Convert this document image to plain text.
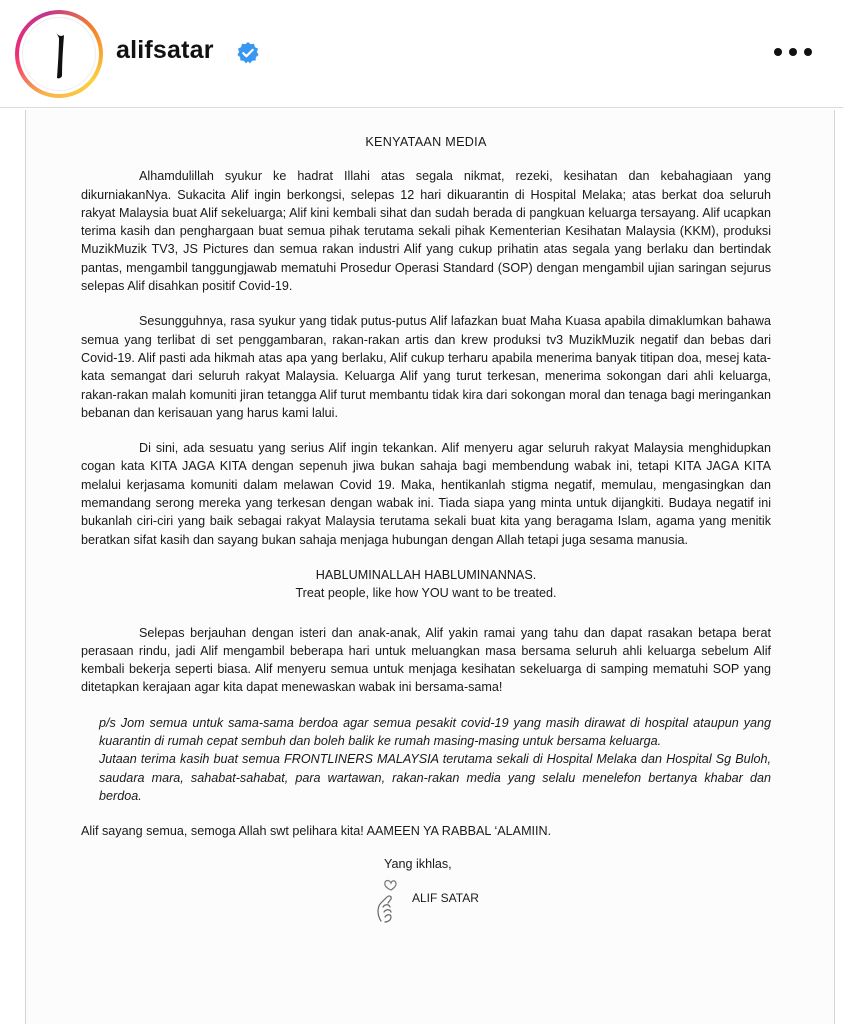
alifsatar
KENYATAAN MEDIA

Alhamdulillah syukur ke hadrat Illahi atas segala nikmat, rezeki, kesihatan dan kebahagiaan yang dikurniakanNya. Sukacita Alif ingin berkongsi, selepas 12 hari dikuarantin di Hospital Melaka; atas berkat doa seluruh rakyat Malaysia buat Alif sekeluarga; Alif kini kembali sihat dan sudah berada di pangkuan keluarga tersayang. Alif ucapkan terima kasih dan penghargaan buat semua pihak terutama sekali pihak Kementerian Kesihatan Malaysia (KKM), produksi MuzikMuzik TV3, JS Pictures dan semua rakan industri Alif yang cukup prihatin atas segala yang berlaku dan bertindak pantas, mengambil tanggungjawab mematuhi Prosedur Operasi Standard (SOP) dengan mengambil ujian saringan sejurus selepas Alif disahkan positif Covid-19.

Sesungguhnya, rasa syukur yang tidak putus-putus Alif lafazkan buat Maha Kuasa apabila dimaklumkan bahawa semua yang terlibat di set penggambaran, rakan-rakan artis dan krew produksi tv3 MuzikMuzik negatif dan bebas dari Covid-19. Alif pasti ada hikmah atas apa yang berlaku, Alif cukup terharu apabila menerima banyak titipan doa, mesej kata-kata semangat dari seluruh rakyat Malaysia. Keluarga Alif yang turut terkesan, menerima sokongan dari ahli keluarga, rakan-rakan malah komuniti jiran tetangga Alif turut membantu tidak kira dari sokongan moral dan tenaga bagi meringankan bebanan dan kerisauan yang harus kami lalui.

Di sini, ada sesuatu yang serius Alif ingin tekankan. Alif menyeru agar seluruh rakyat Malaysia menghidupkan cogan kata KITA JAGA KITA dengan sepenuh jiwa bukan sahaja bagi membendung wabak ini, tetapi KITA JAGA KITA melalui kerjasama komuniti dalam melawan Covid 19. Maka, hentikanlah stigma negatif, memulau, mengasingkan dan memandang serong mereka yang terkesan dengan wabak ini. Tiada siapa yang minta untuk dijangkiti. Budaya negatif ini bukanlah ciri-ciri yang baik sebagai rakyat Malaysia terutama sekali buat kita yang beragama Islam, agama yang menitik beratkan sifat kasih dan sayang bukan sahaja menjaga hubungan dengan Allah tetapi juga sesama manusia.

HABLUMINALLAH HABLUMINANNAS.

Treat people, like how YOU want to be treated.

Selepas berjauhan dengan isteri dan anak-anak, Alif yakin ramai yang tahu dan dapat rasakan betapa berat perasaan rindu, jadi Alif mengambil beberapa hari untuk meluangkan masa bersama seluruh ahli keluarga sebelum Alif kembali bekerja seperti biasa. Alif menyeru semua untuk menjaga kesihatan sekeluarga di samping mematuhi SOP yang ditetapkan kerajaan agar kita dapat menewaskan wabak ini bersama-sama!

p/s Jom semua untuk sama-sama berdoa agar semua pesakit covid-19 yang masih dirawat di hospital ataupun yang kuarantin di rumah cepat sembuh dan boleh balik ke rumah masing-masing untuk bersama keluarga.

Jutaan terima kasih buat semua FRONTLINERS MALAYSIA terutama sekali di Hospital Melaka dan Hospital Sg Buloh, saudara mara, sahabat-sahabat, para wartawan, rakan-rakan media yang selalu menelefon bertanya khabar dan berdoa.

Alif sayang semua, semoga Allah swt pelihara kita! AAMEEN YA RABBAL ‘ALAMIIN.

Yang ikhlas,
ALIF SATAR
